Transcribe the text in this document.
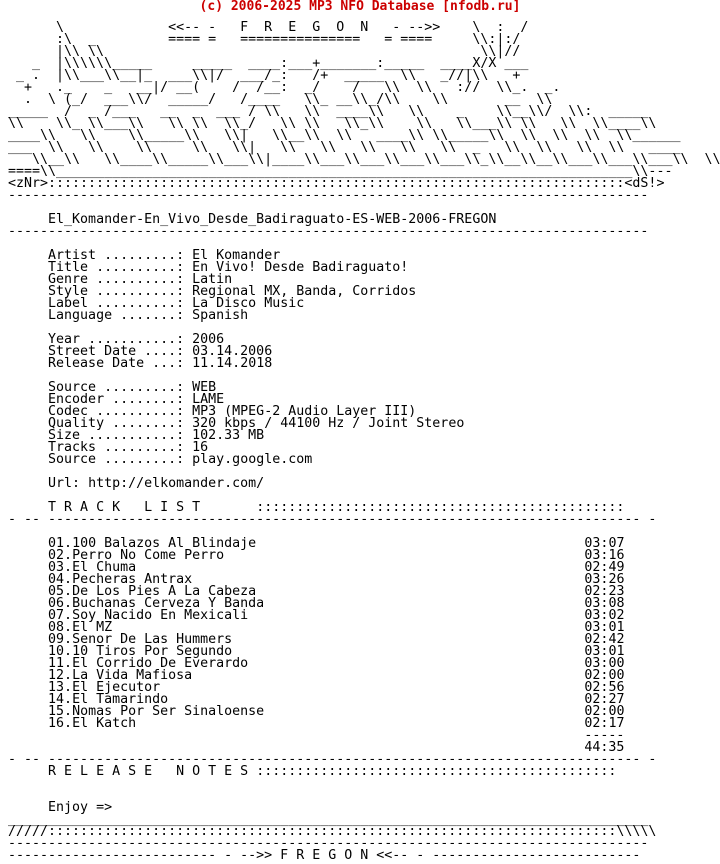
(c) 2006-2025 MP3 NFO Database [nfodb.ru]
\             <<-- -   F  R  E  G  O  N   - -->>    \  :  /
:\  _         ==== =   ===============   = ====     \\:|:/
|\\ \\                                               \\|//
_  |\\\\\\_____     _____  ____:___+_______:_____  ____X/X ___
_ .  |\\___\\__|_  ___\\|/  ___/_:   /+  _____  \\   _//|\\   +
+   ._    _   __|/ __(    /  /__:  _/    /   \\  \\   ://  \\_.  _.
.  \ (_/  ___\\/  _____/   /____   \\_ __\\_/\\    \\       __  \\
_____  /  _ /___   __  _  ___ / \\   \\  ____\\   \\    _    \\__\\/  \\:  _____
\\    \\_ \\___\\   \\ \\  \\_/   \\ \\   \\_\\    \\   \\___\\ \\   \\  \\____\\
____\\   \\    \\_____\\   \\|   \\__\\  \\   ____\\ \\_____\\  \\  \\  \\  \\______
___  \\   \\    \\     \\   \\|   \\   \\   \\   \\   \\  _   \\  \\   \\  \\   ____
\\__\\   \\____\\_____\\___\\|____\\___\\___\\___\\___\\_\\__\\__\\___\\___\\___\\  \\
====\\________________________________________________________________________\\---
<zNr>::::::::::::::::::::::::::::::::::::::::::::::::::::::::::::::::::::::::<dS!>
--------------------------------------------------------------------------------

El_Komander-En_Vivo_Desde_Badiraguato-ES-WEB-2006-FREGON
--------------------------------------------------------------------------------

Artist .........: El Komander
Title ..........: En Vivo! Desde Badiraguato!
Genre ..........: Latin
Style ..........: Regional MX, Banda, Corridos
Label ..........: La Disco Music
Language .......: Spanish

Year ...........: 2006
Street Date ....: 03.14.2006
Release Date ...: 11.14.2018

Source .........: WEB
Encoder ........: LAME
Codec ..........: MP3 (MPEG-2 Audio Layer III)
Quality ........: 320 kbps / 44100 Hz / Joint Stereo
Size ...........: 102.33 MB
Tracks .........: 16
Source .........: play.google.com

Url: http://elkomander.com/

T R A C K   L I S T	::::::::::::::::::::::::::::::::::::::::::::::
- -- -------------------------------------------------------------------------- -

01.100 Balazos Al Blindaje	03:07
02.Perro No Come Perro	03:16
03.El Chuma	02:49
04.Pecheras Antrax	03:26
05.De Los Pies A La Cabeza	02:23
06.Buchanas Cerveza Y Banda	03:08
07.Soy Nacido En Mexicali	03:02
08.El MZ	03:01
09.Senor De Las Hummers	02:42
10.10 Tiros Por Segundo	03:01
11.El Corrido De Everardo	03:00
12.La Vida Mafiosa	02:00
13.El Ejecutor	02:56
14.El Tamarindo	02:27
15.Nomas Por Ser Sinaloense	02:00
16.El Katch	02:17
-----
44:35
- -- -------------------------------------------------------------------------- -
R E L E A S E   N O T E S :::::::::::::::::::::::::::::::::::::::::::::

Enjoy =>
________________________________________________________________________________
/////:::::::::::::::::::::::::::::::::::::::::::::::::::::::::::::::::::::::\\\\\
--------------------------------------------------------------------------------
-------------------------- - -->> F R E G O N <<-- - --------------------------
